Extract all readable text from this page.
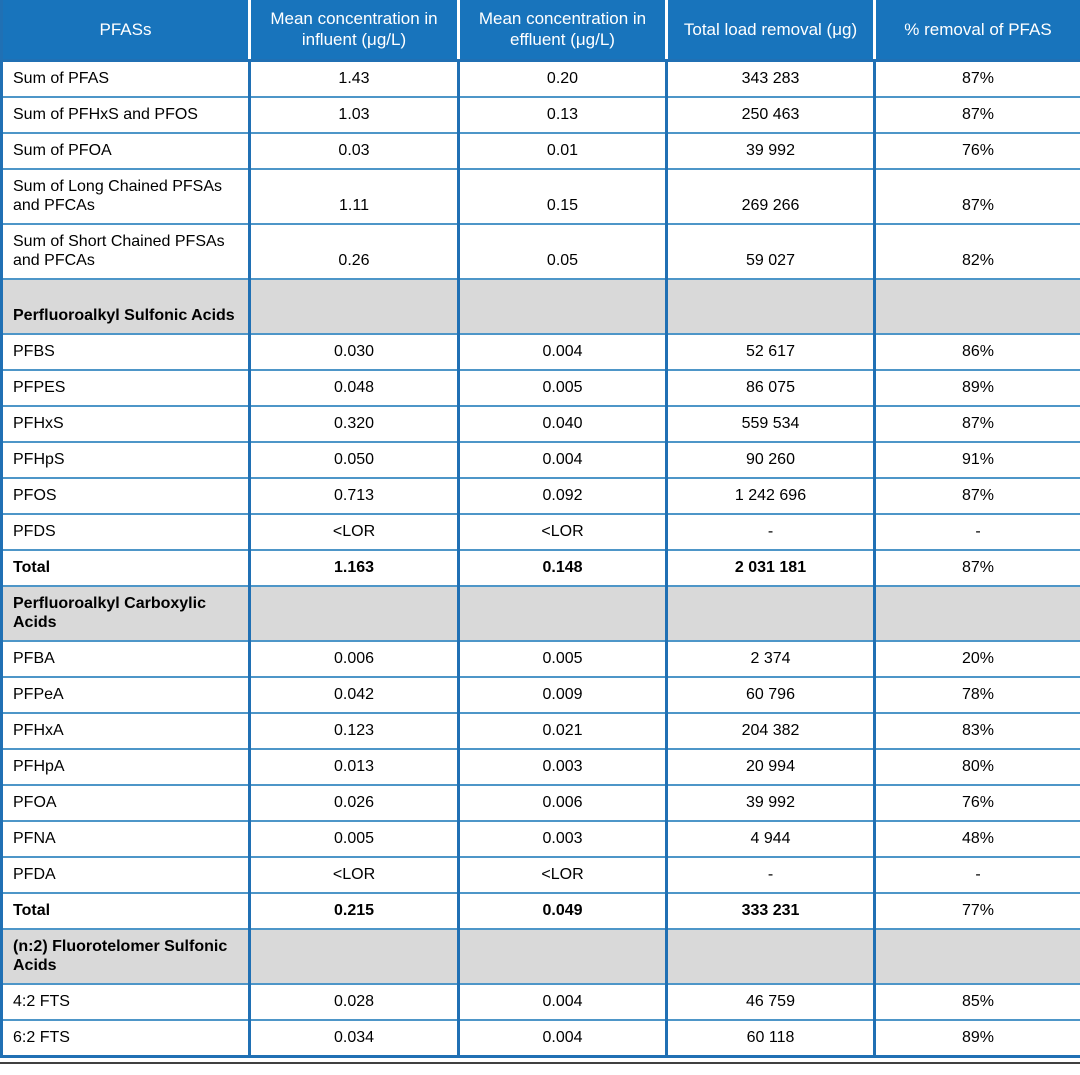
PFASs	Mean concentration in influent (μg/L)	Mean concentration in effluent (μg/L)	Total load removal (μg)	% removal of PFAS
Sum of PFAS	1.43	0.20	343 283	87%
Sum of PFHxS and PFOS	1.03	0.13	250 463	87%
Sum of PFOA	0.03	0.01	39 992	76%
Sum of Long Chained PFSAs and PFCAs	1.11	0.15	269 266	87%
Sum of Short Chained PFSAs and PFCAs	0.26	0.05	59 027	82%
Perfluoroalkyl Sulfonic Acids				
PFBS	0.030	0.004	52 617	86%
PFPES	0.048	0.005	86 075	89%
PFHxS	0.320	0.040	559 534	87%
PFHpS	0.050	0.004	90 260	91%
PFOS	0.713	0.092	1 242 696	87%
PFDS	<LOR	<LOR	-	-
Total	1.163	0.148	2 031 181	87%
Perfluoroalkyl Carboxylic Acids				
PFBA	0.006	0.005	2 374	20%
PFPeA	0.042	0.009	60 796	78%
PFHxA	0.123	0.021	204 382	83%
PFHpA	0.013	0.003	20 994	80%
PFOA	0.026	0.006	39 992	76%
PFNA	0.005	0.003	4 944	48%
PFDA	<LOR	<LOR	-	-
Total	0.215	0.049	333 231	77%
(n:2) Fluorotelomer Sulfonic Acids				
4:2 FTS	0.028	0.004	46 759	85%
6:2 FTS	0.034	0.004	60 118	89%
